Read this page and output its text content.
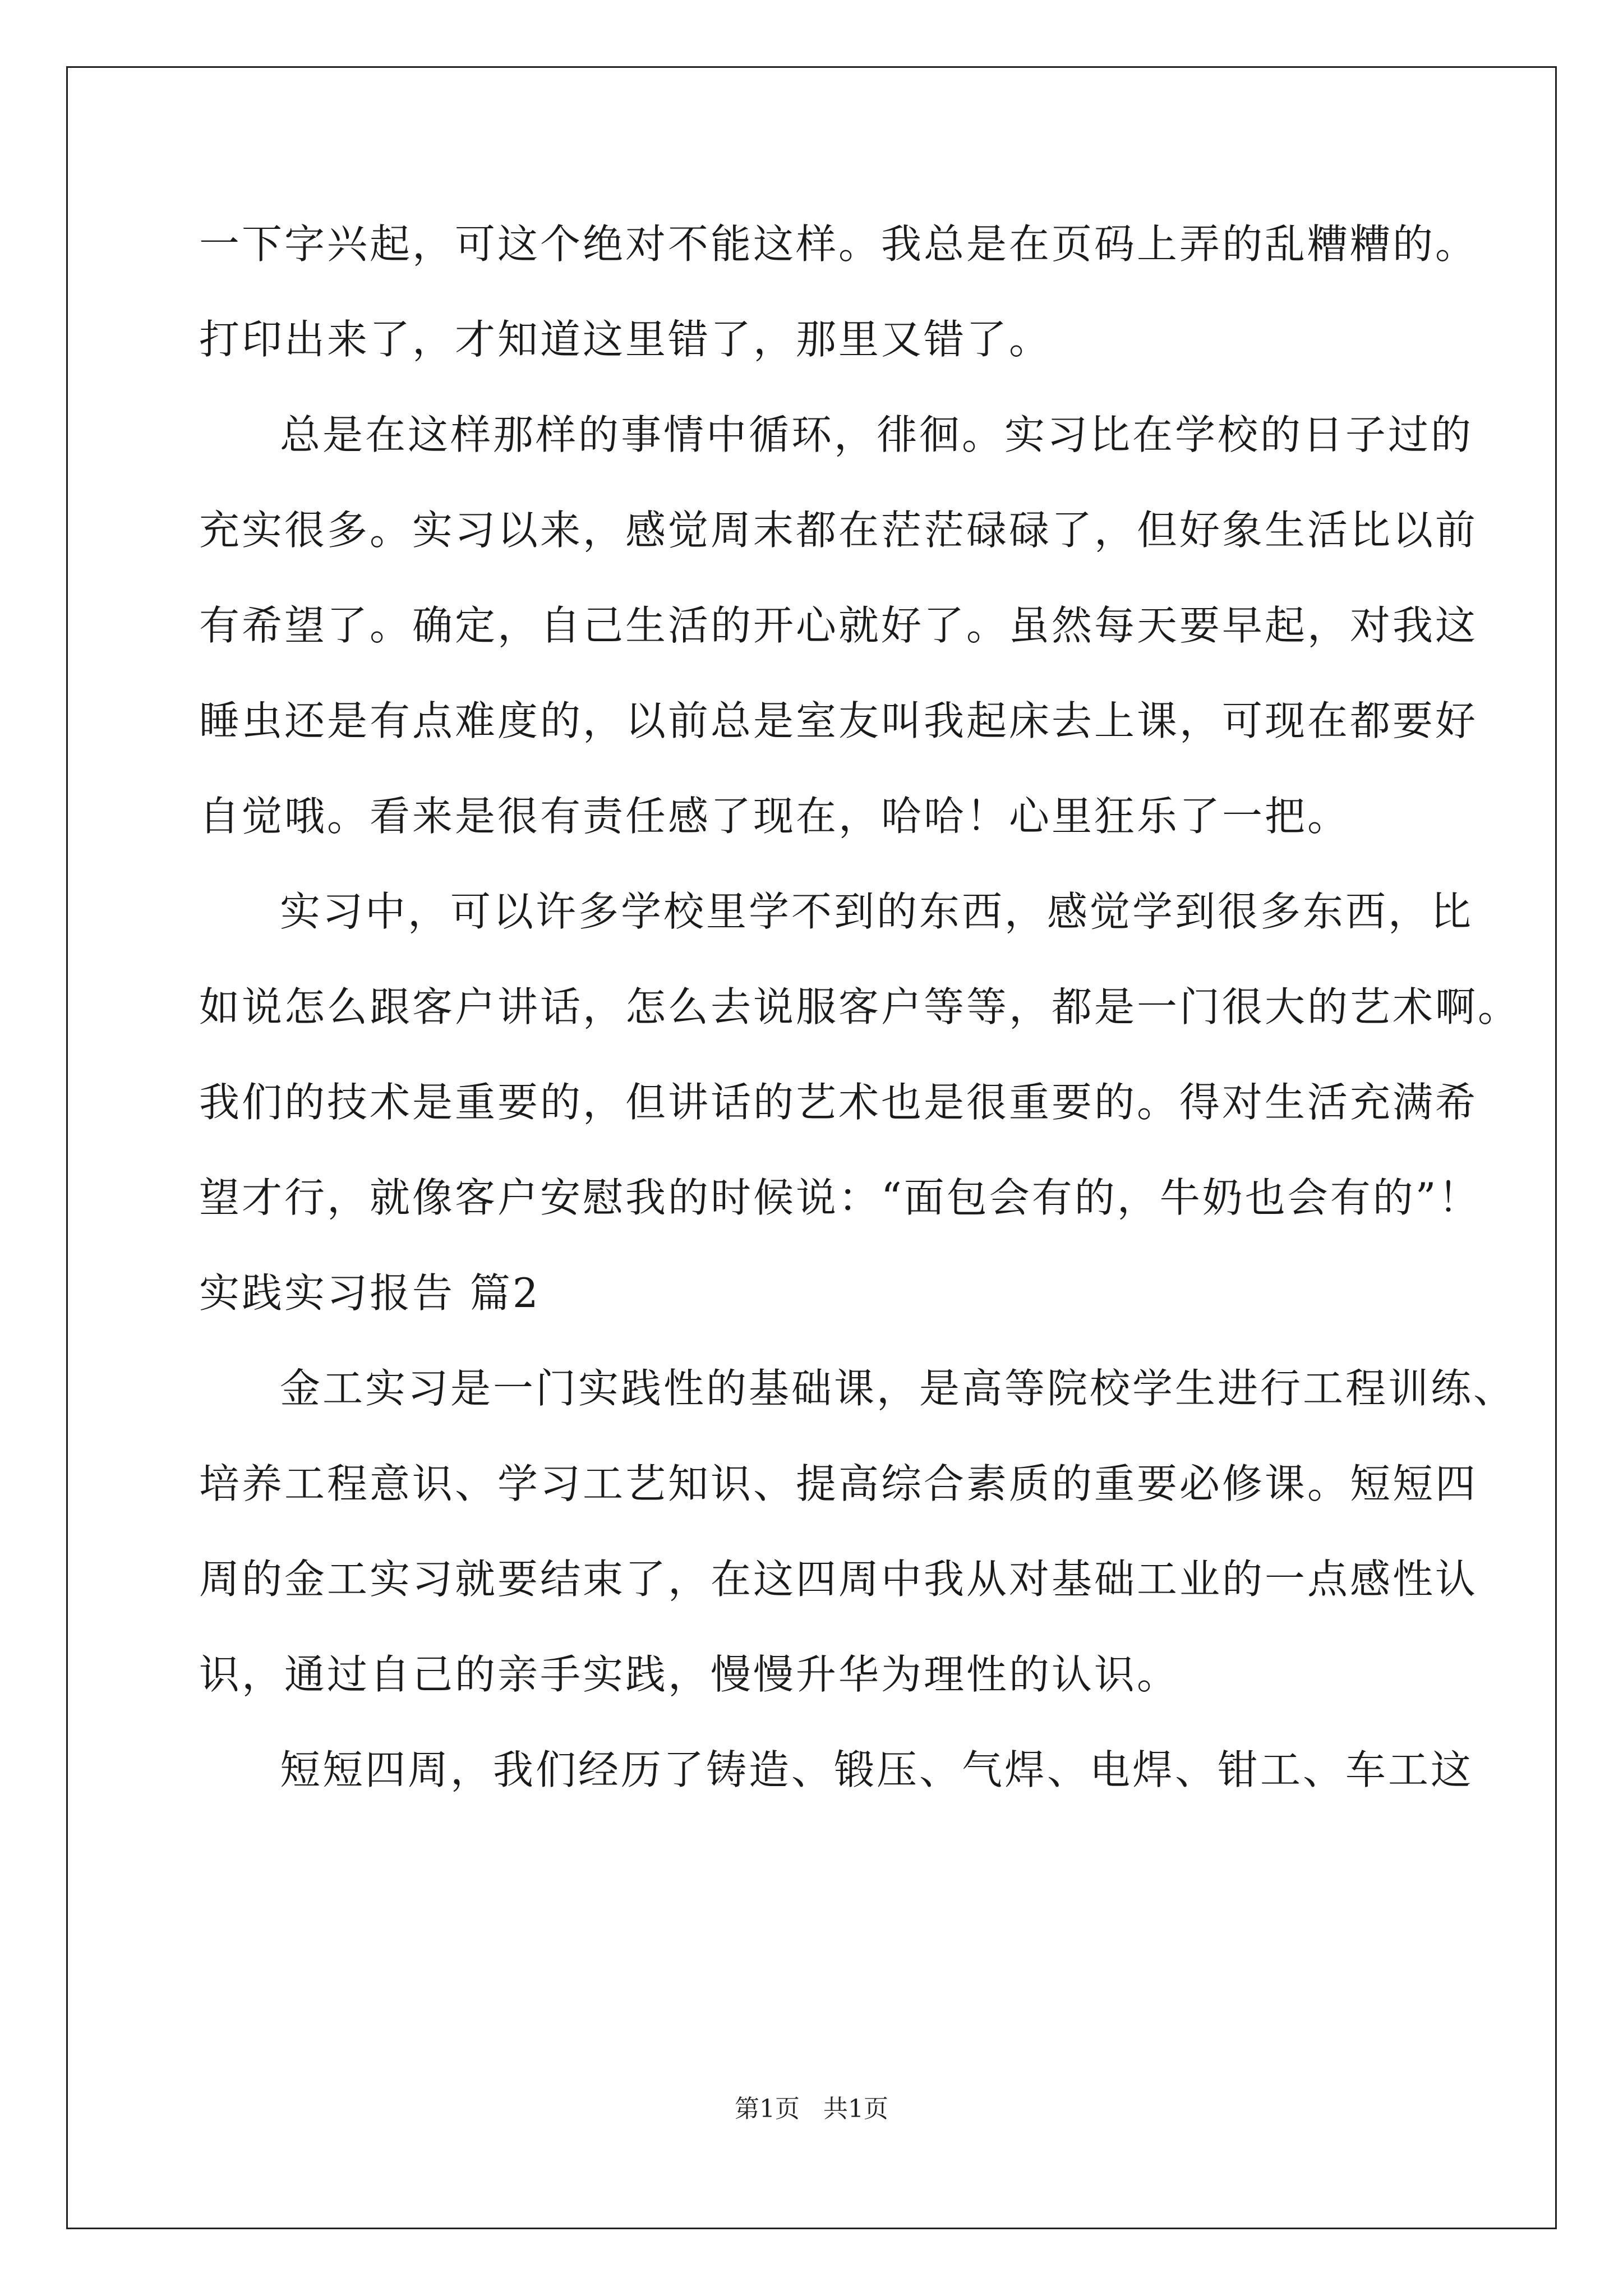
一下字兴起，可这个绝对不能这样。我总是在页码上弄的乱糟糟的。
打印出来了，才知道这里错了，那里又错了。
总是在这样那样的事情中循环，徘徊。实习比在学校的日子过的
充实很多。实习以来，感觉周末都在茫茫碌碌了，但好象生活比以前
有希望了。确定，自己生活的开心就好了。虽然每天要早起，对我这
睡虫还是有点难度的，以前总是室友叫我起床去上课，可现在都要好
自觉哦。看来是很有责任感了现在，哈哈！心里狂乐了一把。
实习中，可以许多学校里学不到的东西，感觉学到很多东西，比
如说怎么跟客户讲话，怎么去说服客户等等，都是一门很大的艺术啊。
我们的技术是重要的，但讲话的艺术也是很重要的。得对生活充满希
望才行，就像客户安慰我的时候说：“面包会有的，牛奶也会有的”！
实践实习报告 篇2
金工实习是一门实践性的基础课，是高等院校学生进行工程训练、
培养工程意识、学习工艺知识、提高综合素质的重要必修课。短短四
周的金工实习就要结束了，在这四周中我从对基础工业的一点感性认
识，通过自己的亲手实践，慢慢升华为理性的认识。
短短四周，我们经历了铸造、锻压、气焊、电焊、钳工、车工这
第1页   共1页
